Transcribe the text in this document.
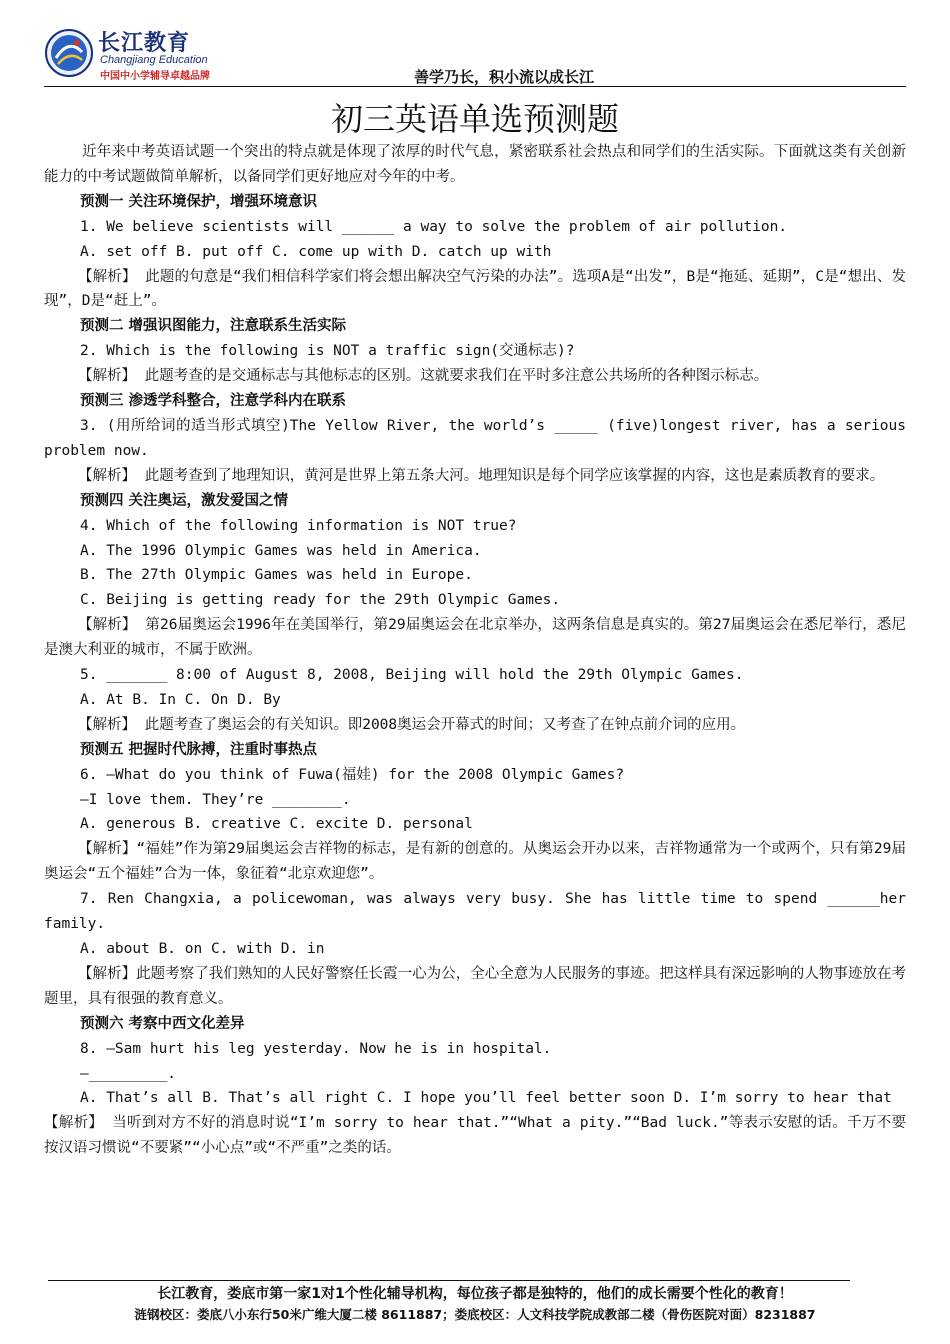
长江教育
Changjiang Education
中国中小学辅导卓越品牌	善学乃长，积小流以成长江
初三英语单选预测题

近年来中考英语试题一个突出的特点就是体现了浓厚的时代气息，紧密联系社会热点和同学们的生活实际。下面就这类有关创新能力的中考试题做简单解析，以备同学们更好地应对今年的中考。

预测一 关注环境保护，增强环境意识

1. We believe scientists will ______ a way to solve the problem of air pollution.

A. set off B. put off C. come up with D. catch up with

【解析】 此题的句意是“我们相信科学家们将会想出解决空气污染的办法”。选项A是“出发”，B是“拖延、延期”，C是“想出、发现”，D是“赶上”。

预测二 增强识图能力，注意联系生活实际

2. Which is the following is NOT a traffic sign(交通标志)?

【解析】 此题考查的是交通标志与其他标志的区别。这就要求我们在平时多注意公共场所的各种图示标志。

预测三 渗透学科整合，注意学科内在联系

3. (用所给词的适当形式填空)The Yellow River, the world’s _____ (five)longest river, has a serious problem now.

【解析】 此题考查到了地理知识，黄河是世界上第五条大河。地理知识是每个同学应该掌握的内容，这也是素质教育的要求。

预测四 关注奥运，激发爱国之情

4. Which of the following information is NOT true?

A. The 1996 Olympic Games was held in America.

B. The 27th Olympic Games was held in Europe.

C. Beijing is getting ready for the 29th Olympic Games.

【解析】 第26届奥运会1996年在美国举行，第29届奥运会在北京举办，这两条信息是真实的。第27届奥运会在悉尼举行，悉尼是澳大利亚的城市，不属于欧洲。

5. _______ 8:00 of August 8, 2008, Beijing will hold the 29th Olympic Games.

A. At B. In C. On D. By

【解析】 此题考查了奥运会的有关知识。即2008奥运会开幕式的时间；又考查了在钟点前介词的应用。

预测五 把握时代脉搏，注重时事热点

6. —What do you think of Fuwa(福娃) for the 2008 Olympic Games?

—I love them. They’re ________.

A. generous B. creative C. excite D. personal

【解析】“福娃”作为第29届奥运会吉祥物的标志，是有新的创意的。从奥运会开办以来，吉祥物通常为一个或两个，只有第29届奥运会“五个福娃”合为一体，象征着“北京欢迎您”。

7. Ren Changxia, a policewoman, was always very busy. She has little time to spend ______her family.

A. about B. on C. with D. in

【解析】此题考察了我们熟知的人民好警察任长霞一心为公，全心全意为人民服务的事迹。把这样具有深远影响的人物事迹放在考题里，具有很强的教育意义。

预测六 考察中西文化差异

8. —Sam hurt his leg yesterday. Now he is in hospital.

—_________.

A. That’s all B. That’s all right C. I hope you’ll feel better soon D. I’m sorry to hear that

【解析】 当听到对方不好的消息时说“I’m sorry to hear that.”“What a pity.”“Bad luck.”等表示安慰的话。千万不要按汉语习惯说“不要紧”“小心点”或“不严重”之类的话。

长江教育，娄底市第一家1对1个性化辅导机构，每位孩子都是独特的，他们的成长需要个性化的教育！
涟钢校区：娄底八小东行50米广维大厦二楼 8611887；娄底校区：人文科技学院成教部二楼（骨伤医院对面）8231887
